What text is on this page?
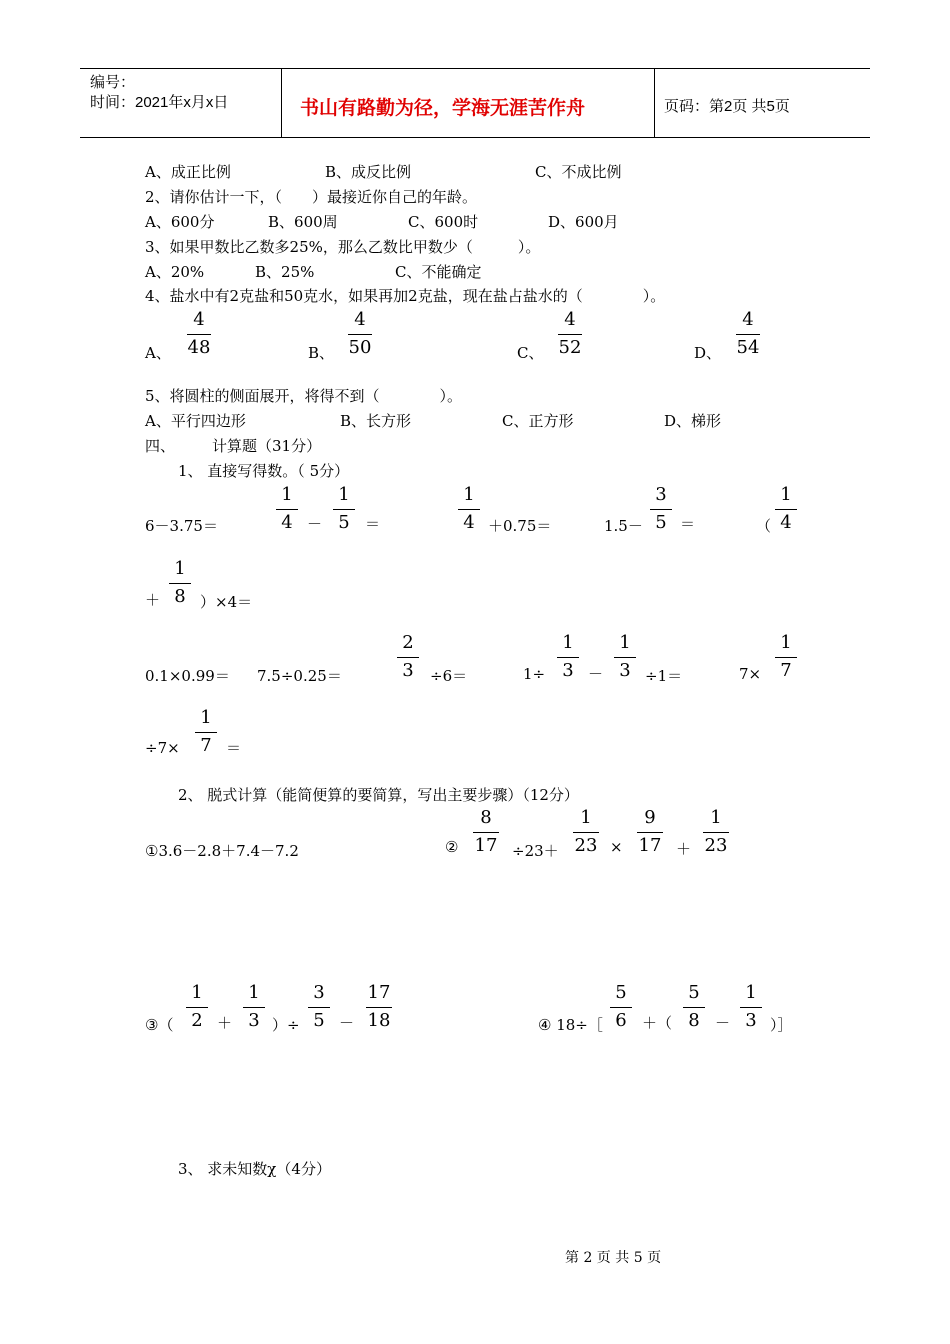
编号：
时间：2021年x月x日	书山有路勤为径，学海无涯苦作舟	页码：第2页 共5页
A、成正比例	B、成反比例	C、不成比例
2、请你估计一下，（　　）最接近你自己的年龄。
A、600分	B、600周	C、600时	D、600月
3、如果甲数比乙数多25%，那么乙数比甲数少（　　　）。
A、20%	B、25%	C、不能确定
4、盐水中有2克盐和50克水，如果再加2克盐，现在盐占盐水的（　　　　）。
A、
4
48	B、
4
50	C、
4
52	D、
4
54
5、将圆柱的侧面展开，将得不到（　　　　）。
A、平行四边形	B、长方形	C、正方形	D、梯形
四、 计算题（31分）
1、 直接写得数。（ 5分）
6－3.75＝
1
4 －
1
5	＝
1
4 ＋0.75＝	1.5－
3
5 ＝	（
1
4
＋
1
8 ）×4＝
0.1×0.99＝ 7.5÷0.25＝
2
3	÷6＝	1÷
1
3 －
1
3 ÷1＝	7×
1
7
÷7×
1
7 ＝
2、 脱式计算（能简便算的要简算，写出主要步骤）（12分）
①3.6－2.8＋7.4－7.2	②
8
17 ÷23＋
1
23 ×
9
17 ＋
1
23
③（
1
2 ＋
1
3 ）÷
3
5 －
17
18	④ 18÷［
5
6	＋（
5
8	－
1
3 ）］
3、 求未知数χ（4分）
第 2 页 共 5 页
